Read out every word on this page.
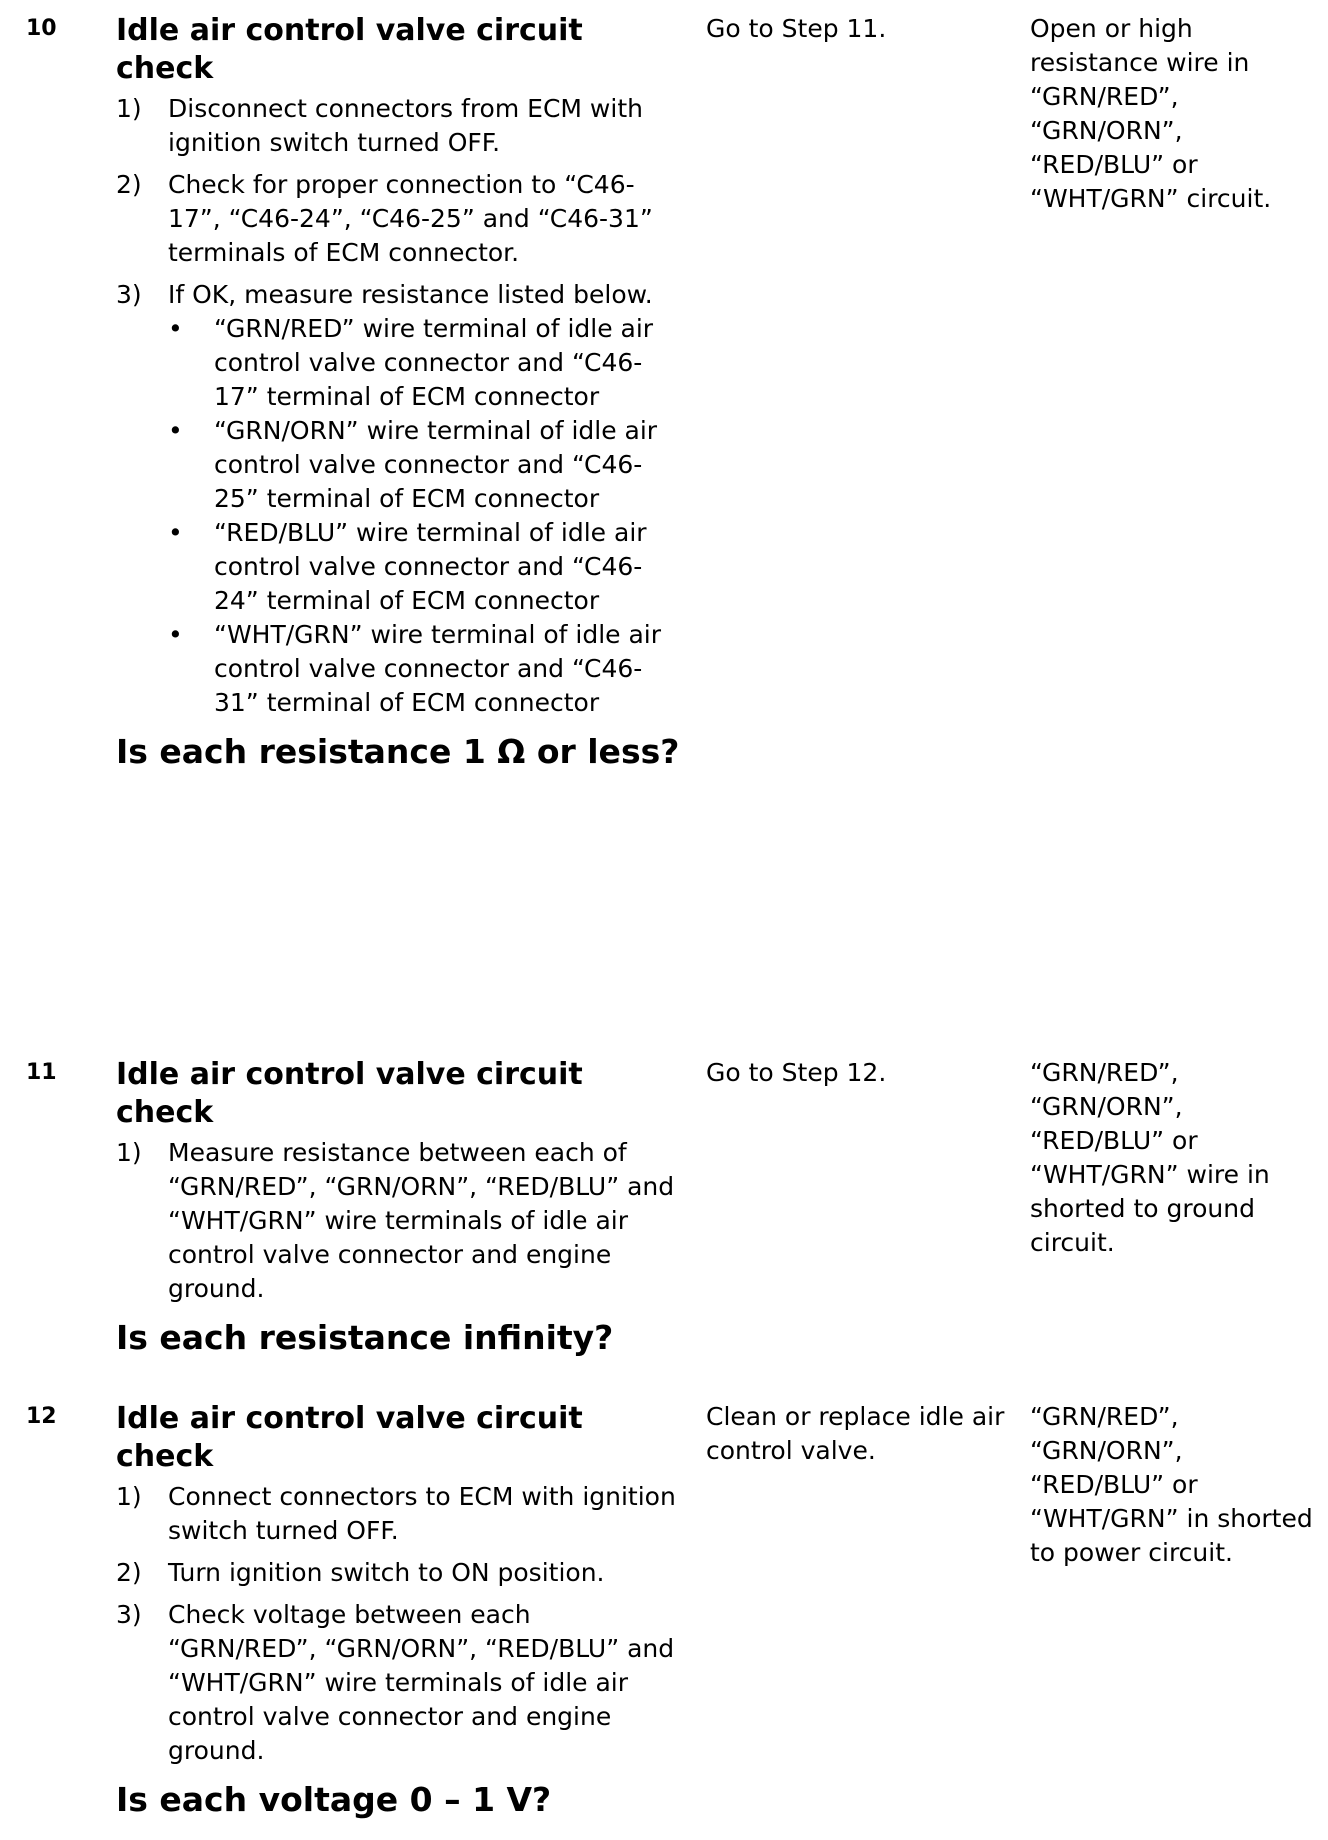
10 Idle air control valve circuit check
1) Disconnect connectors from ECM with ignition switch turned OFF.
2) Check for proper connection to “C46-17”, “C46-24”, “C46-25” and “C46-31” terminals of ECM connector.
3) If OK, measure resistance listed below.
• “GRN/RED” wire terminal of idle air control valve connector and “C46-17” terminal of ECM connector
• “GRN/ORN” wire terminal of idle air control valve connector and “C46-25” terminal of ECM connector
• “RED/BLU” wire terminal of idle air control valve connector and “C46-24” terminal of ECM connector
• “WHT/GRN” wire terminal of idle air control valve connector and “C46-31” terminal of ECM connector
Is each resistance 1 Ω or less?
Go to Step 11.	Open or high resistance wire in “GRN/RED”, “GRN/ORN”, “RED/BLU” or “WHT/GRN” circuit.
11 Idle air control valve circuit check
1) Measure resistance between each of “GRN/RED”, “GRN/ORN”, “RED/BLU” and “WHT/GRN” wire terminals of idle air control valve connector and engine ground.
Is each resistance infinity?
Go to Step 12.	“GRN/RED”, “GRN/ORN”, “RED/BLU” or “WHT/GRN” wire in shorted to ground circuit.
12 Idle air control valve circuit check
1) Connect connectors to ECM with ignition switch turned OFF.
2) Turn ignition switch to ON position.
3) Check voltage between each “GRN/RED”, “GRN/ORN”, “RED/BLU” and “WHT/GRN” wire terminals of idle air control valve connector and engine ground.
Is each voltage 0 – 1 V?
Clean or replace idle air control valve.
“GRN/RED”, “GRN/ORN”, “RED/BLU” or “WHT/GRN” in shorted to power circuit.
